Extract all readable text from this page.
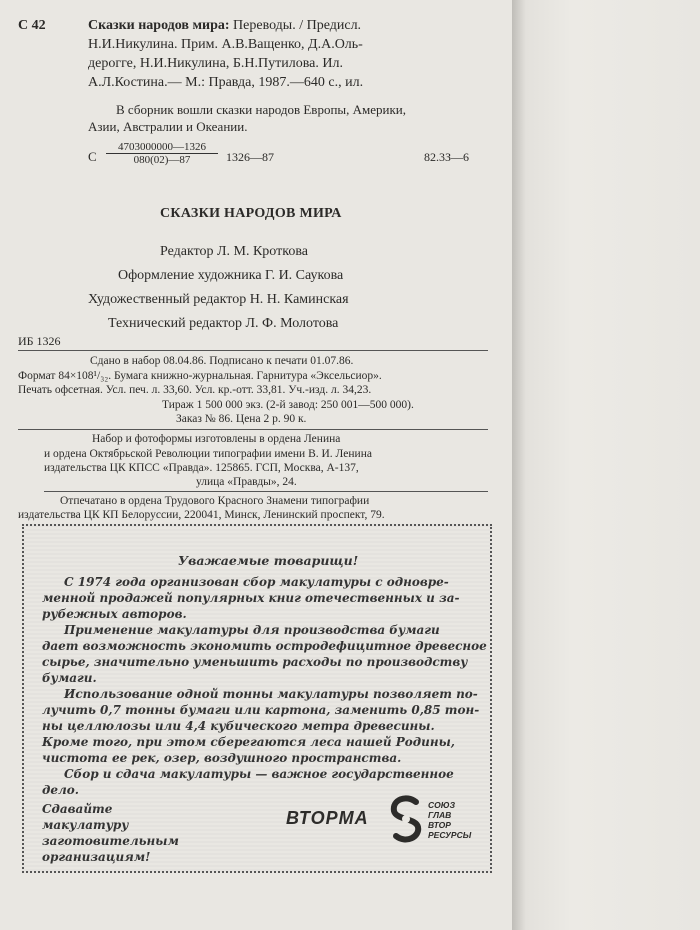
С 42	Сказки народов мира: Переводы. / Предисл.
Н.И.Никулина. Прим. А.В.Ващенко, Д.А.Оль-
дерогге, Н.И.Никулина, Б.Н.Путилова. Ил.
А.Л.Костина.— М.: Правда, 1987.—640 с., ил.
В сборник вошли сказки народов Европы, Америки,
Азии, Австралии и Океании.
С $\frac{4703000000—1326}{080(02)—87}$ 1326—87	82.3З—6
СКАЗКИ НАРОДОВ МИРА
Редактор Л. М. Кроткова
Оформление художника Г. И. Саукова
Художественный редактор Н. Н. Каминская
Технический редактор Л. Ф. Молотова
ИБ 1326
Сдано в набор 08.04.86. Подписано к печати 01.07.86.
Формат 84×108¹/₃₂. Бумага книжно-журнальная. Гарнитура «Эксельсиор».
Печать офсетная. Усл. печ. л. 33,60. Усл. кр.-отт. 33,81. Уч.-изд. л. 34,23.
Тираж 1 500 000 экз. (2-й завод: 250 001—500 000).
Заказ № 86. Цена 2 р. 90 к.
Набор и фотоформы изготовлены в ордена Ленина
и ордена Октябрьской Революции типографии имени В. И. Ленина
издательства ЦК КПСС «Правда». 125865. ГСП, Москва, А-137,
улица «Правды», 24.
Отпечатано в ордена Трудового Красного Знамени типографии
издательства ЦК КП Белоруссии, 220041, Минск, Ленинский проспект, 79.
Уважаемые товарищи!
С 1974 года организован сбор макулатуры с одновре-
менной продажей популярных книг отечественных и за-
рубежных авторов.
Применение макулатуры для производства бумаги
дает возможность экономить остродефицитное древесное
сырье, значительно уменьшить расходы по производству
бумаги.
Использование одной тонны макулатуры позволяет по-
лучить 0,7 тонны бумаги или картона, заменить 0,85 тон-
ны целлюлозы или 4,4 кубического метра древесины.
Кроме того, при этом сберегаются леса нашей Родины,
чистота ее рек, озер, воздушного пространства.
Сбор и сдача макулатуры — важное государственное
дело.
Сдавайте
макулатуру
заготовительным
организациям!
ВТОРМА
СОЮЗ
ГЛАВ
ВТОР
РЕСУРСЫ
